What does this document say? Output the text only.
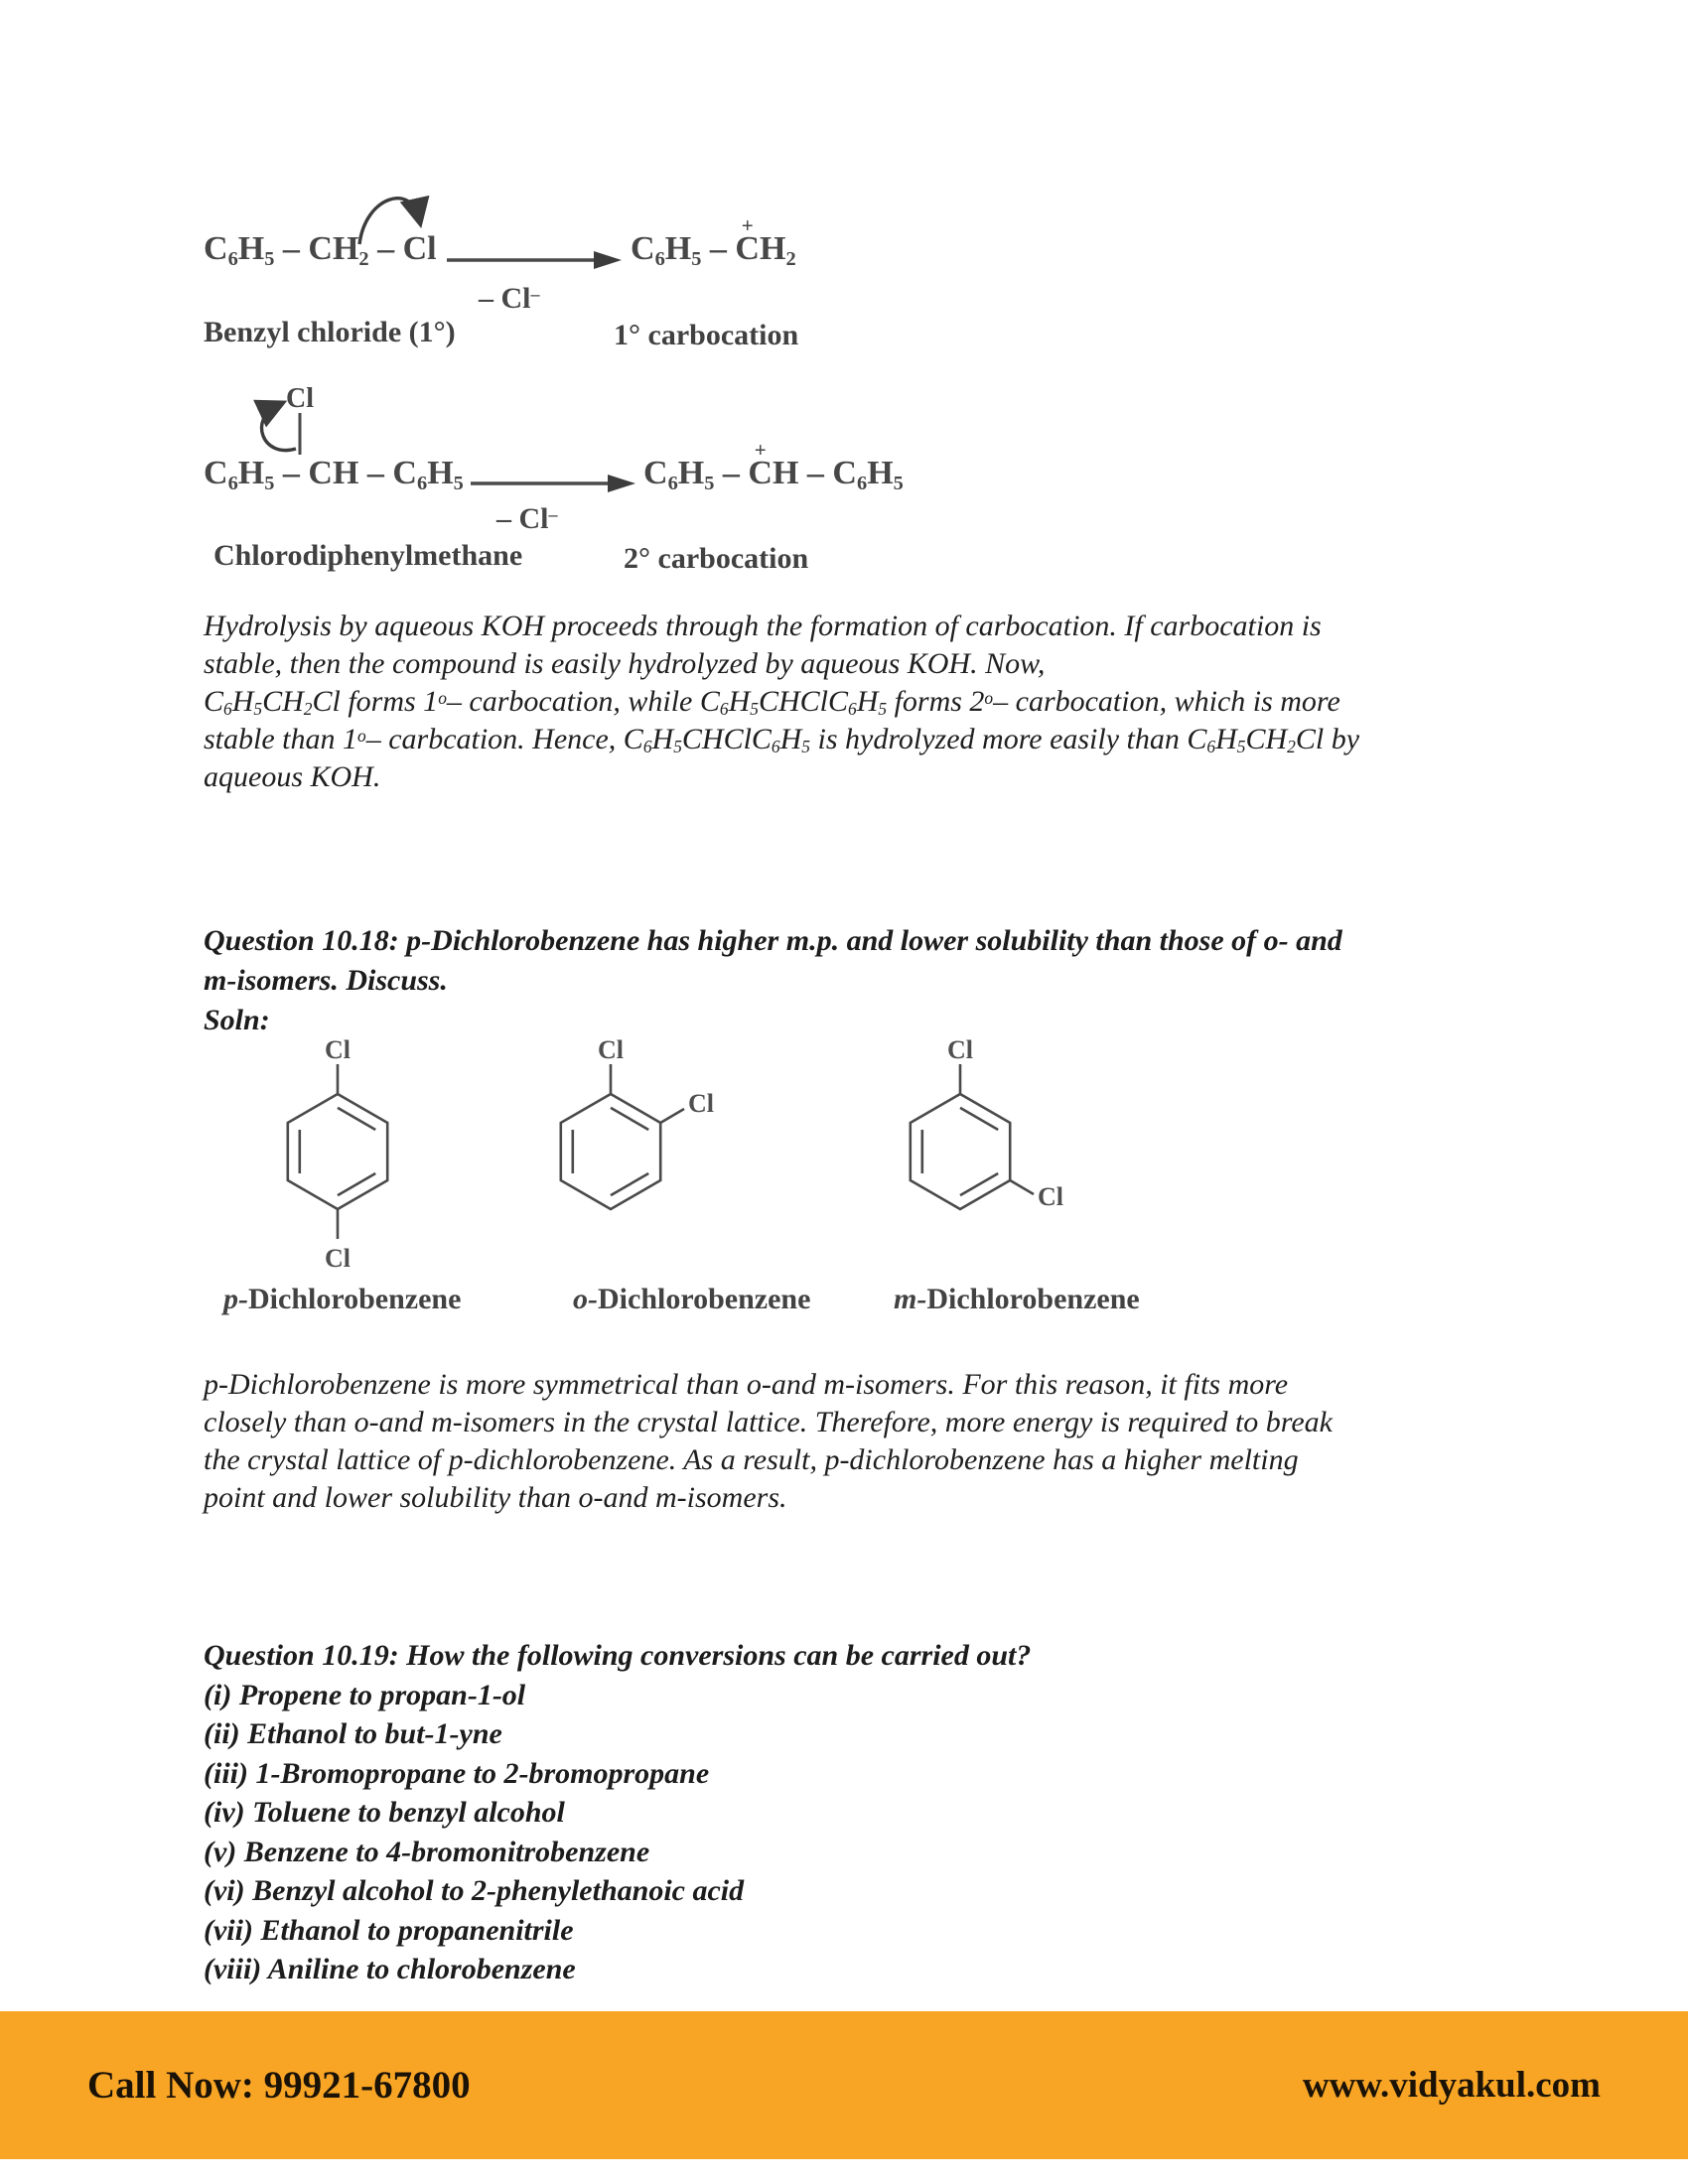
$C_6H_5 - CH_2$ – Cl
– Cl–
$C_6H_5$ –
+
$CH_2$
Benzyl chloride (1°)	1° carbocation
Cl
$C_6H_5$ – CH – $C_6H_5$
– Cl–
$C_6H_5$ –
+
CH – $C_6H_5$
Chlorodiphenylmethane	2° carbocation
Hydrolysis by aqueous KOH proceeds through the formation of carbocation. If carbocation is
stable, then the compound is easily hydrolyzed by aqueous KOH. Now,
$C_6H_5CH_2Cl$ forms 1$^o$– carbocation, while $C_6H_5CHClC_6H_5$ forms 2$^o$– carbocation, which is more
stable than 1$^o$– carbcation. Hence, $C_6H_5CHClC_6H_5$ is hydrolyzed more easily than $C_6H_5CH_2Cl$ by
aqueous KOH.
Question 10.18: p-Dichlorobenzene has higher m.p. and lower solubility than those of o- and
m-isomers. Discuss.
Soln:
Cl
Cl
Cl
Cl
Cl
Cl
p-Dichlorobenzene	o-Dichlorobenzene	m-Dichlorobenzene
p-Dichlorobenzene is more symmetrical than o-and m-isomers. For this reason, it fits more
closely than o-and m-isomers in the crystal lattice. Therefore, more energy is required to break
the crystal lattice of p-dichlorobenzene. As a result, p-dichlorobenzene has a higher melting
point and lower solubility than o-and m-isomers.
Question 10.19: How the following conversions can be carried out?
(i) Propene to propan-1-ol
(ii) Ethanol to but-1-yne
(iii) 1-Bromopropane to 2-bromopropane
(iv) Toluene to benzyl alcohol
(v) Benzene to 4-bromonitrobenzene
(vi) Benzyl alcohol to 2-phenylethanoic acid
(vii) Ethanol to propanenitrile
(viii) Aniline to chlorobenzene
Call Now: 99921-67800	www.vidyakul.com
